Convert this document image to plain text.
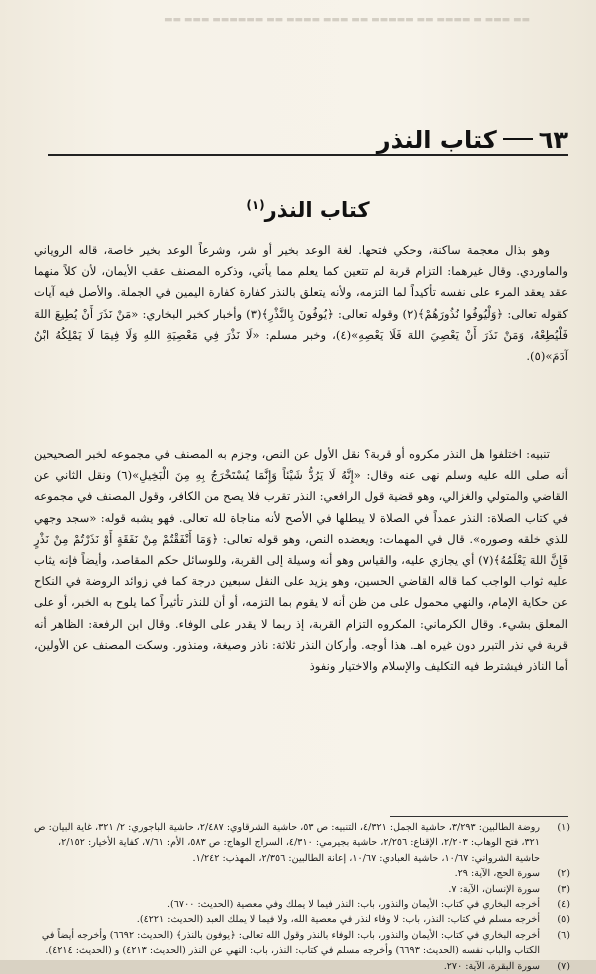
▬▬ ▬▬▬ ▬ ▬▬▬▬ ▬▬ ▬▬▬▬▬ ▬▬ ▬▬▬ ▬▬▬▬ ▬▬ ▬▬▬▬▬▬ ▬▬▬ ▬▬
٦٣
كتاب النذر
كتاب النذر$^{(١)}$

وهو بذال معجمة ساكنة، وحكي فتحها. لغة الوعد بخير أو شر، وشرعاً الوعد بخير خاصة، قاله الروياني والماوردي. وقال غيرهما: التزام قربة لم تتعين كما يعلم مما يأتي، وذكره المصنف عقب الأيمان، لأن كلاً منهما عقد يعقد المرء على نفسه تأكيداً لما التزمه، ولأنه يتعلق بالنذر كفارة كفارة اليمين في الجملة. والأصل فيه آيات كقوله تعالى: ﴿وَلْيُوفُوا نُذُورَهُمْ﴾(٢) وقوله تعالى: ﴿يُوفُونَ بِالنَّذْرِ﴾(٣) وأخبار كخبر البخاري: «مَنْ نَذَرَ أَنْ يُطِيعَ اللهَ فَلْيُطِعْهُ، وَمَنْ نَذَرَ أَنْ يَعْصِيَ اللهَ فَلَا يَعْصِهِ»(٤)، وخبر مسلم: «لَا نَذْرَ فِي مَعْصِيَةِ اللهِ وَلَا فِيمَا لَا يَمْلِكُهُ ابْنُ آدَمَ»(٥).

تنبيه: اختلفوا هل النذر مكروه أو قربة؟ نقل الأول عن النص، وجزم به المصنف في مجموعه لخبر الصحيحين أنه صلى الله عليه وسلم نهى عنه وقال: «إِنَّهُ لَا يَرُدُّ شَيْئاً وَإِنَّمَا يُسْتَخْرَجُ بِهِ مِنَ الْبَخِيلِ»(٦) ونقل الثاني عن القاضي والمتولي والغزالي، وهو قضية قول الرافعي: النذر تقرب فلا يصح من الكافر، وقول المصنف في مجموعه في كتاب الصلاة: النذر عمداً في الصلاة لا يبطلها في الأصح لأنه مناجاة لله تعالى. فهو يشبه قوله: «سجد وجهي للذي خلقه وصوره». قال في المهمات: ويعضده النص، وهو قوله تعالى: ﴿وَمَا أَنْفَقْتُمْ مِنْ نَفَقَةٍ أَوْ نَذَرْتُمْ مِنْ نَذْرٍ فَإِنَّ اللهَ يَعْلَمُهُ﴾(٧) أي يجازي عليه، والقياس وهو أنه وسيلة إلى القربة، وللوسائل حكم المقاصد، وأيضاً فإنه يثاب عليه ثواب الواجب كما قاله القاضي الحسين، وهو يزيد على النفل سبعين درجة كما في زوائد الروضة في النكاح عن حكاية الإمام، والنهي محمول على من ظن أنه لا يقوم بما التزمه، أو أن للنذر تأثيراً كما يلوح به الخبر، أو على المعلق بشيء. وقال الكرماني: المكروه التزام القربة، إذ ربما لا يقدر على الوفاء. وقال ابن الرفعة: الظاهر أنه قربة في نذر التبرر دون غيره اهـ. هذا أوجه. وأركان النذر ثلاثة: ناذر وصيغة، ومنذور. وسكت المصنف عن الأولين، أما الناذر فيشترط فيه التكليف والإسلام والاختيار ونفوذ

(١)
روضة الطالبين: ٣/٢٩٣، حاشية الجمل: ٤/٣٢١، التنبيه: ص ٥٣، حاشية الشرقاوي: ٢/٤٨٧، حاشية الباجوري: ٢/ ٣٢١، غاية البيان: ص ٣٢١، فتح الوهاب: ٢/٢٠٣، الإقناع: ٢/٢٥٦، حاشية بجيرمي: ٤/٣١٠، السراج الوهاج: ص ٥٨٣، الأم: ٧/٦١، كفاية الأخيار: ٢/١٥٢، حاشية الشرواني: ١٠/٦٧، حاشية العبادي: ١٠/٦٧، إعانة الطالبين: ٢/٣٥٦، المهذب: ١/٢٤٢.
(٢)
سورة الحج، الآية: ٢٩.
(٣)
سورة الإنسان، الآية: ٧.
(٤)
أخرجه البخاري في كتاب: الأيمان والنذور، باب: النذر فيما لا يملك وفي معصية (الحديث: ٦٧٠٠).
(٥)
أخرجه مسلم في كتاب: النذر، باب: لا وفاء لنذر في معصية الله، ولا فيما لا يملك العبد (الحديث: ٤٢٢١).
(٦)
أخرجه البخاري في كتاب: الأيمان والنذور، باب: الوفاء بالنذر وقول الله تعالى: ﴿يوفون بالنذر﴾ (الحديث: ٦٦٩٢) وأخرجه أيضاً في الكتاب والباب نفسه (الحديث: ٦٦٩٣) وأخرجه مسلم في كتاب: النذر، باب: النهي عن النذر (الحديث: ٤٢١٣) و (الحديث: ٤٢١٤).
(٧)
سورة البقرة، الآية: ٢٧٠.
